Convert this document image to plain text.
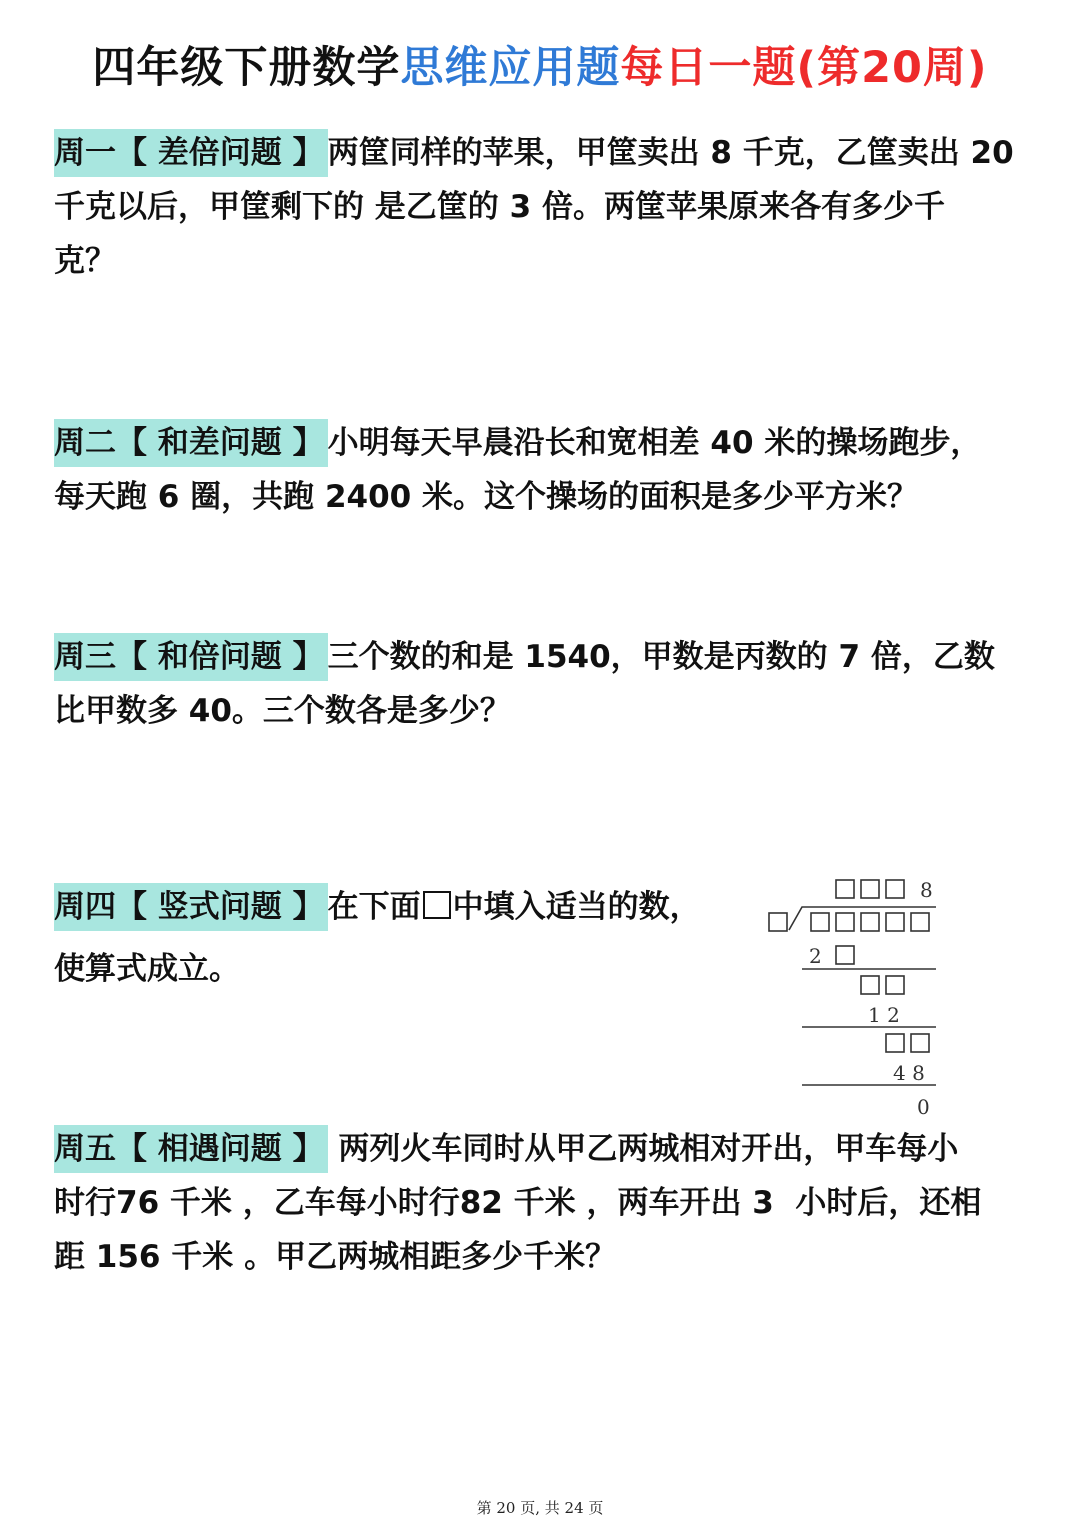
四年级下册数学思维应用题每日一题(第20周)
周一【 差倍问题 】 两筐同样的苹果，甲筐卖出 8 千克，乙筐卖出 20
千克以后，甲筐剩下的 是乙筐的 3 倍。两筐苹果原来各有多少千
克？
周二【 和差问题 】 小明每天早晨沿长和宽相差 40 米的操场跑步，
每天跑 6 圈，共跑 2400 米。这个操场的面积是多少平方米？
周三【 和倍问题 】 三个数的和是 1540，甲数是丙数的 7 倍，乙数
比甲数多 40。三个数各是多少？
周四【 竖式问题 】 在下面 中填入适当的数，
使算式成立。
8
2
1 2
4 8
0
周五【 相遇问题 】 两列火车同时从甲乙两城相对开出，甲车每小
时行76 千米 ，乙车每小时行82 千米 ，两车开出 3  小时后，还相
距 156 千米 。甲乙两城相距多少千米？
第 20 页, 共 24 页
